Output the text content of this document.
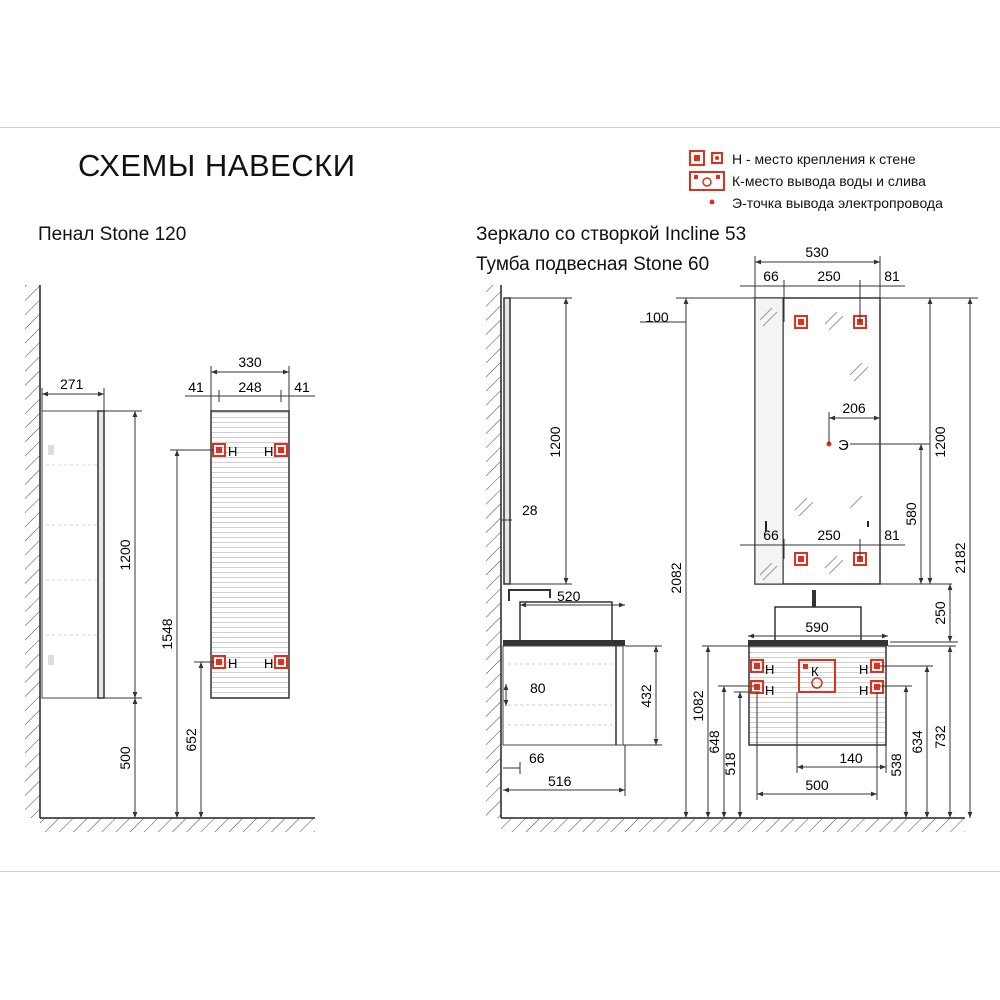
СХЕМЫ НАВЕСКИ	Н - место крепления к стене
К-место вывода воды и слива
Э-точка вывода электропровода
Пенал Stone 120	Зеркало со створкой Incline 53
Тумба подвесная Stone 60
271
1200
500
Н Н
Н Н
330
41 248 41
1548
652
100
1200
28
2082
520
432
80
66
516
1082
648
518
Э
530
66	250	81
206
1200
580
66	250	81
2182
250
К
Н
Н
Н
Н
590
140
500
538
634 732
